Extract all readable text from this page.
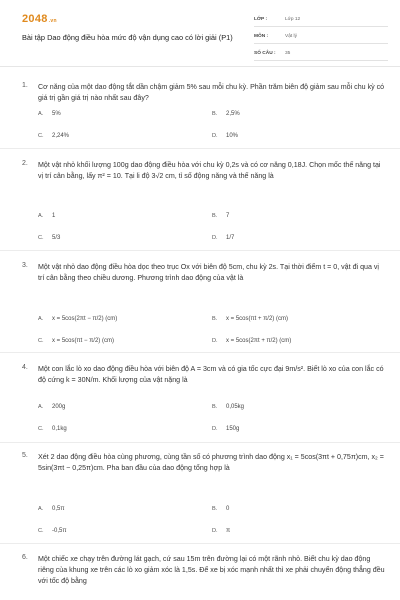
2048.vn
Bài tập Dao động điều hòa mức độ vận dụng cao có lời giải (P1)
LỚP :	Lớp 12
MÔN :	Vật lý
SỐ CÂU : 35
1. Cơ năng của một dao động tắt dần chậm giảm 5% sau mỗi chu kỳ. Phần trăm biên độ giảm sau mỗi chu kỳ có giá trị gần giá trị nào nhất sau đây?
A. 5%	B. 2,5%
C. 2,24%	D. 10%
2. Một vật nhỏ khối lượng 100g dao động điều hòa với chu kỳ 0,2s và có cơ năng 0,18J. Chọn mốc thế năng tại vị trí cân bằng, lấy π² = 10. Tại li độ 3√2 cm, tỉ số động năng và thế năng là
A. 1	B. 7
C. 5/3	D. 1/7
3. Một vật nhỏ dao động điều hòa dọc theo trục Ox với biên độ 5cm, chu kỳ 2s. Tại thời điểm t = 0, vật đi qua vị trí cân bằng theo chiều dương. Phương trình dao động của vật là
A. x = 5cos(2πt − π/2) (cm)	B. x = 5cos(πt + π/2) (cm)
C. x = 5cos(πt − π/2) (cm)	D. x = 5cos(2πt + π/2) (cm)
4. Một con lắc lò xo dao động điều hòa với biên độ A = 3cm và có gia tốc cực đại 9m/s². Biết lò xo của con lắc có độ cứng k = 30N/m. Khối lượng của vật nặng là
A. 200g	B. 0,05kg
C. 0,1kg	D. 150g
5. Xét 2 dao động điều hòa cùng phương, cùng tần số có phương trình dao động x₁ = 5cos(3πt + 0,75π)cm, x₂ = 5sin(3πt − 0,25π)cm. Pha ban đầu của dao động tổng hợp là
A. 0,5π	B. 0
C. -0,5π	D. π
6. Một chiếc xe chạy trên đường lát gạch, cứ sau 15m trên đường lại có một rãnh nhỏ. Biết chu kỳ dao động riêng của khung xe trên các lò xo giảm xóc là 1,5s. Để xe bị xóc mạnh nhất thì xe phải chuyển động thẳng đều với tốc độ bằng
